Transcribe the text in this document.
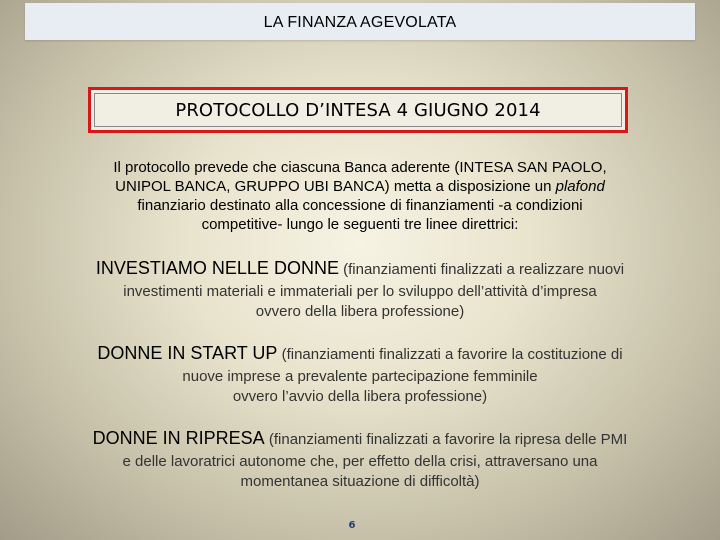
LA FINANZA AGEVOLATA
PROTOCOLLO D’INTESA 4 GIUGNO 2014
Il protocollo prevede che ciascuna Banca aderente (INTESA SAN PAOLO,
UNIPOL BANCA, GRUPPO UBI BANCA) metta a disposizione un plafond
finanziario destinato alla concessione di finanziamenti -a condizioni
competitive- lungo le seguenti tre linee direttrici:
INVESTIAMO NELLE DONNE (finanziamenti finalizzati a realizzare nuovi
investimenti materiali e immateriali per lo sviluppo dell’attività d’impresa
ovvero della libera professione)
DONNE IN START UP (finanziamenti finalizzati a favorire la costituzione di
nuove imprese a prevalente partecipazione femminile
ovvero l’avvio della libera professione)
DONNE IN RIPRESA (finanziamenti finalizzati a favorire la ripresa delle PMI
e delle lavoratrici autonome che, per effetto della crisi, attraversano una
momentanea situazione di difficoltà)
6
